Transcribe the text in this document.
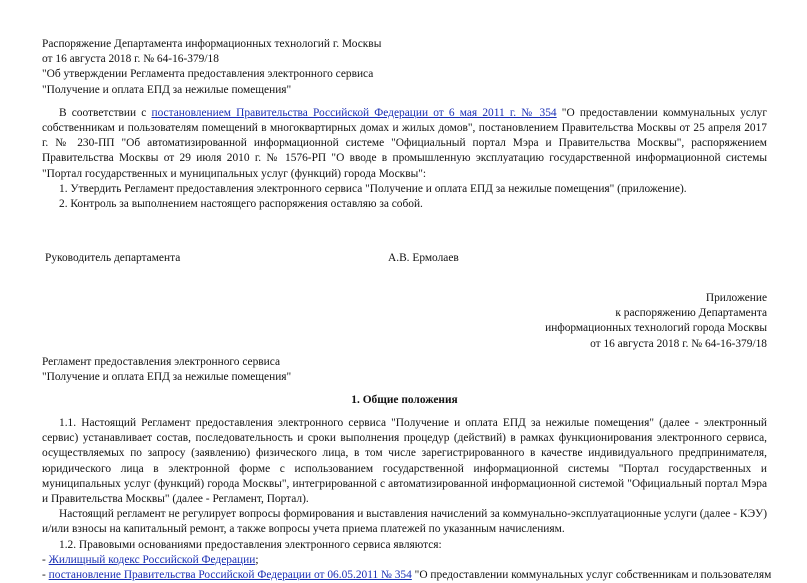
Распоряжение Департамента информационных технологий г. Москвы
от 16 августа 2018 г. № 64-16-379/18
"Об утверждении Регламента предоставления электронного сервиса
"Получение и оплата ЕПД за нежилые помещения"

В соответствии с постановлением Правительства Российской Федерации от 6 мая 2011 г. № 354 "О предоставлении коммунальных услуг собственникам и пользователям помещений в многоквартирных домах и жилых домов", постановлением Правительства Москвы от 25 апреля 2017 г. № 230-ПП "Об автоматизированной информационной системе "Официальный портал Мэра и Правительства Москвы", распоряжением Правительства Москвы от 29 июля 2010 г. № 1576-РП "О вводе в промышленную эксплуатацию государственной информационной системы "Портал государственных и муниципальных услуг (функций) города Москвы":

1. Утвердить Регламент предоставления электронного сервиса "Получение и оплата ЕПД за нежилые помещения" (приложение).

2. Контроль за выполнением настоящего распоряжения оставляю за собой.

Руководитель департамента	А.В. Ермолаев
Приложение
к распоряжению Департамента
информационных технологий города Москвы
от 16 августа 2018 г. № 64-16-379/18
Регламент предоставления электронного сервиса
"Получение и оплата ЕПД за нежилые помещения"
1. Общие положения

1.1. Настоящий Регламент предоставления электронного сервиса "Получение и оплата ЕПД за нежилые помещения" (далее - электронный сервис) устанавливает состав, последовательность и сроки выполнения процедур (действий) в рамках функционирования электронного сервиса, осуществляемых по запросу (заявлению) физического лица, в том числе зарегистрированного в качестве индивидуального предпринимателя, юридического лица в электронной форме с использованием государственной информационной системы "Портал государственных и муниципальных услуг (функций) города Москвы", интегрированной с автоматизированной информационной системой "Официальный портал Мэра и Правительства Москвы" (далее - Регламент, Портал).

Настоящий регламент не регулирует вопросы формирования и выставления начислений за коммунально-эксплуатационные услуги (далее - КЭУ) и/или взносы на капитальный ремонт, а также вопросы учета приема платежей по указанным начислениям.

1.2. Правовыми основаниями предоставления электронного сервиса являются:

- Жилищный кодекс Российской Федерации;

- постановление Правительства Российской Федерации от 06.05.2011 № 354 "О предоставлении коммунальных услуг собственникам и пользователям
